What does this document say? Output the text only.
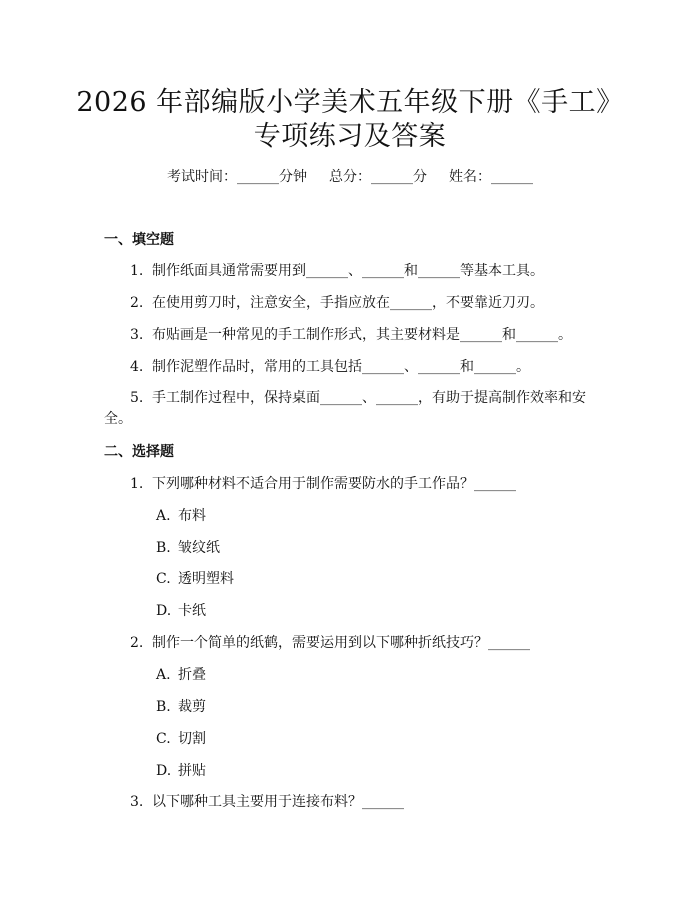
2026 年部编版小学美术五年级下册《手工》
专项练习及答案
考试时间：______分钟 总分：______分 姓名：______
一、填空题
1. 制作纸面具通常需要用到______、______和______等基本工具。
2. 在使用剪刀时，注意安全，手指应放在______，不要靠近刀刃。
3. 布贴画是一种常见的手工制作形式，其主要材料是______和______。
4. 制作泥塑作品时，常用的工具包括______、______和______。
5. 手工制作过程中，保持桌面______、______，有助于提高制作效率和安
全。
二、选择题
1. 下列哪种材料不适合用于制作需要防水的手工作品？______
A. 布料
B. 皱纹纸
C. 透明塑料
D. 卡纸
2. 制作一个简单的纸鹤，需要运用到以下哪种折纸技巧？______
A. 折叠
B. 裁剪
C. 切割
D. 拼贴
3. 以下哪种工具主要用于连接布料？______
